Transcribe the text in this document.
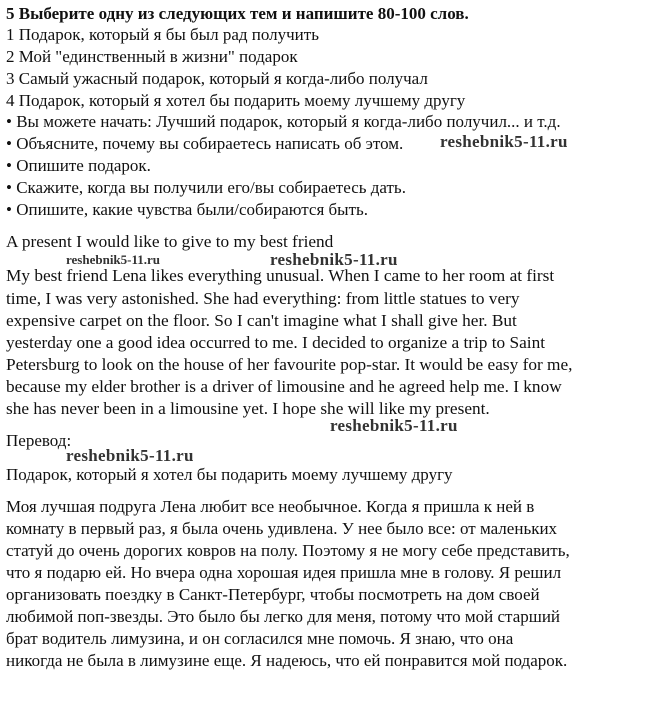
5 Выберите одну из следующих тем и напишите 80-100 слов.
1 Подарок, который я бы был рад получить
2 Мой "единственный в жизни" подарок
3 Самый ужасный подарок, который я когда-либо получал
4 Подарок, который я хотел бы подарить моему лучшему другу
• Вы можете начать: Лучший подарок, который я когда-либо получил... и т.д.
• Объясните, почему вы собираетесь написать об этом.
• Опишите подарок.
• Скажите, когда вы получили его/вы собираетесь дать.
• Опишите, какие чувства были/собираются быть.
A present I would like to give to my best friend
My best friend Lena likes everything unusual. When I came to her room at first
time, I was very astonished. She had everything: from little statues to very
expensive carpet on the floor. So I can't imagine what I shall give her. But
yesterday one a good idea occurred to me. I decided to organize a trip to Saint
Petersburg to look on the house of her favourite pop-star. It would be easy for me,
because my elder brother is a driver of limousine and he agreed help me. I know
she has never been in a limousine yet. I hope she will like my present.
Перевод:
Подарок, который я хотел бы подарить моему лучшему другу
Моя лучшая подруга Лена любит все необычное. Когда я пришла к ней в
комнату в первый раз, я была очень удивлена. У нее было все: от маленьких
статуй до очень дорогих ковров на полу. Поэтому я не могу себе представить,
что я подарю ей. Но вчера одна хорошая идея пришла мне в голову. Я решил
организовать поездку в Санкт-Петербург, чтобы посмотреть на дом своей
любимой поп-звезды. Это было бы легко для меня, потому что мой старший
брат водитель лимузина, и он согласился мне помочь. Я знаю, что она
никогда не была в лимузине еще. Я надеюсь, что ей понравится мой подарок.
reshebnik5-11.ru
reshebnik5-11.ru	reshebnik5-11.ru
reshebnik5-11.ru
reshebnik5-11.ru
